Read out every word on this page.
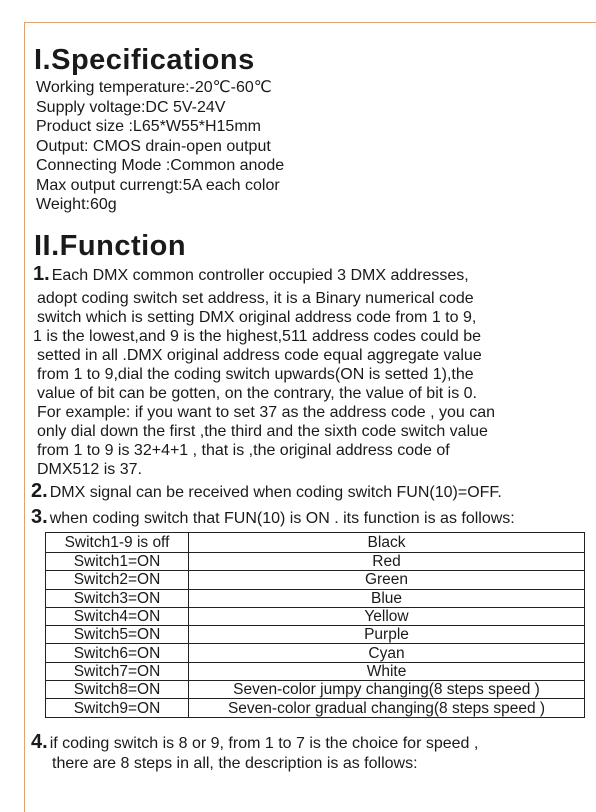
I.Specifications
Working temperature:-20℃-60℃
Supply voltage:DC 5V-24V
Product size :L65*W55*H15mm
Output: CMOS drain-open output
Connecting Mode :Common anode
Max output currengt:5A each color
Weight:60g
II.Function
1. Each DMX common controller occupied 3 DMX addresses,
adopt coding switch set address, it is a Binary numerical code
switch which is setting DMX original address code from 1 to 9,
1 is the lowest,and 9 is the highest,511 address codes could be
setted in all .DMX original address code equal aggregate value
from 1 to 9,dial the coding switch upwards(ON is setted 1),the
value of bit can be gotten, on the contrary, the value of bit is 0.
For example: if you want to set 37 as the address code , you can
only dial down the first ,the third and the sixth code switch value
from 1 to 9 is 32+4+1 , that is ,the original address code of
DMX512 is 37.
2. DMX signal can be received when coding switch FUN(10)=OFF.
3. when coding switch that FUN(10) is ON . its function is as follows:
Switch1-9 is off	Black
Switch1=ON	Red
Switch2=ON	Green
Switch3=ON	Blue
Switch4=ON	Yellow
Switch5=ON	Purple
Switch6=ON	Cyan
Switch7=ON	White
Switch8=ON	Seven-color jumpy changing(8 steps speed )
Switch9=ON	Seven-color gradual changing(8 steps speed )
4. if coding switch is 8 or 9, from 1 to 7 is the choice for speed ,
there are 8 steps in all, the description is as follows:
